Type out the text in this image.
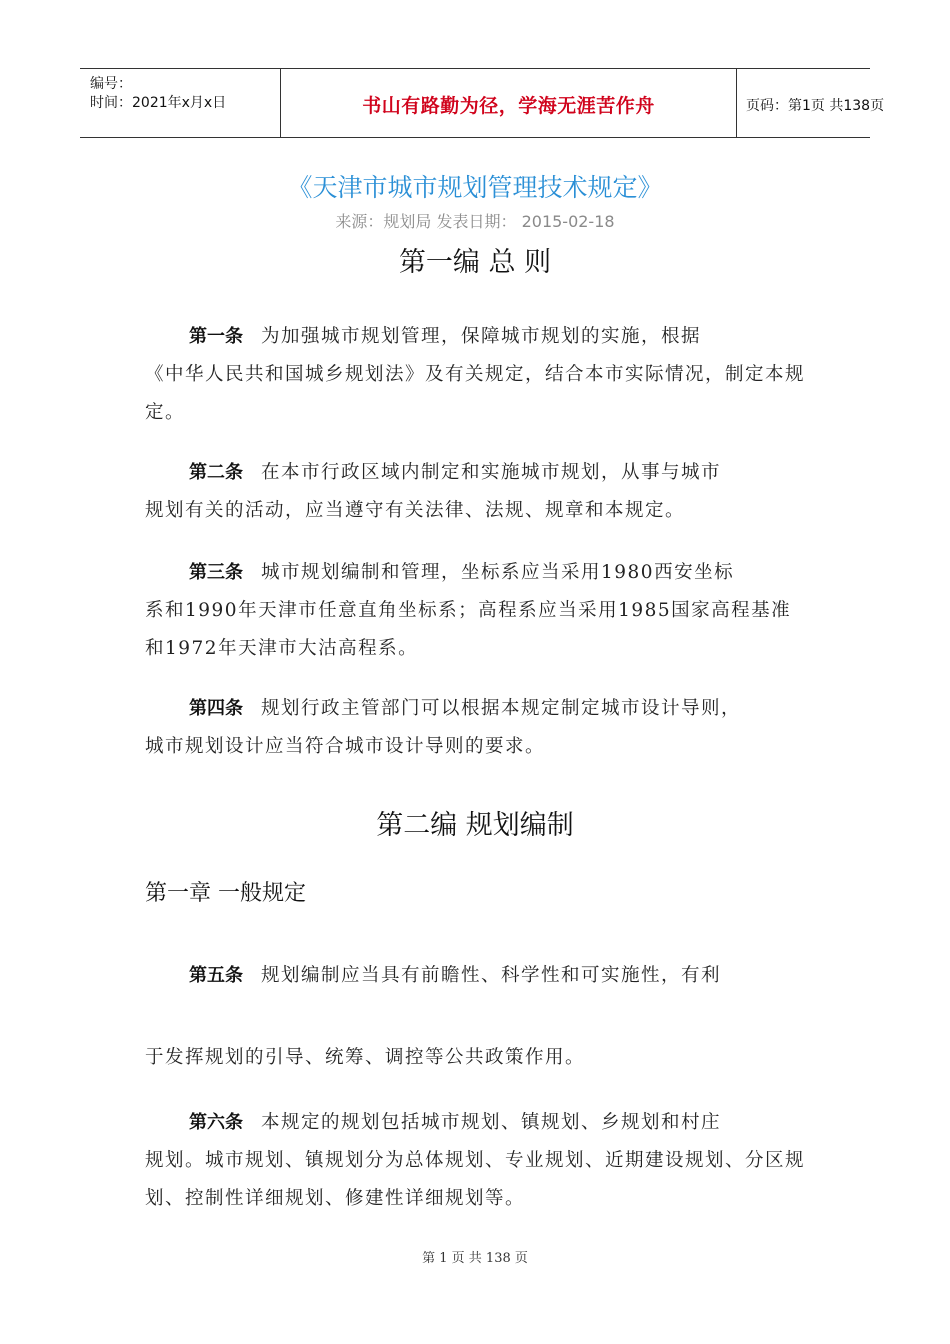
编号：
时间：2021年x月x日	书山有路勤为径，学海无涯苦作舟	页码：第1页 共138页
《天津市城市规划管理技术规定》
来源：规划局 发表日期： 2015-02-18
第一编 总 则
第一条 为加强城市规划管理，保障城市规划的实施，根据
《中华人民共和国城乡规划法》及有关规定，结合本市实际情况，制定本规定。
第二条 在本市行政区域内制定和实施城市规划，从事与城市
规划有关的活动，应当遵守有关法律、法规、规章和本规定。
第三条 城市规划编制和管理，坐标系应当采用1980西安坐标
系和1990年天津市任意直角坐标系；高程系应当采用1985国家高程基准和1972年天津市大沽高程系。
第四条 规划行政主管部门可以根据本规定制定城市设计导则，
城市规划设计应当符合城市设计导则的要求。
第二编 规划编制
第一章 一般规定
第五条 规划编制应当具有前瞻性、科学性和可实施性，有利
于发挥规划的引导、统筹、调控等公共政策作用。
第六条 本规定的规划包括城市规划、镇规划、乡规划和村庄
规划。城市规划、镇规划分为总体规划、专业规划、近期建设规划、分区规划、控制性详细规划、修建性详细规划等。
第 1 页 共 138 页
